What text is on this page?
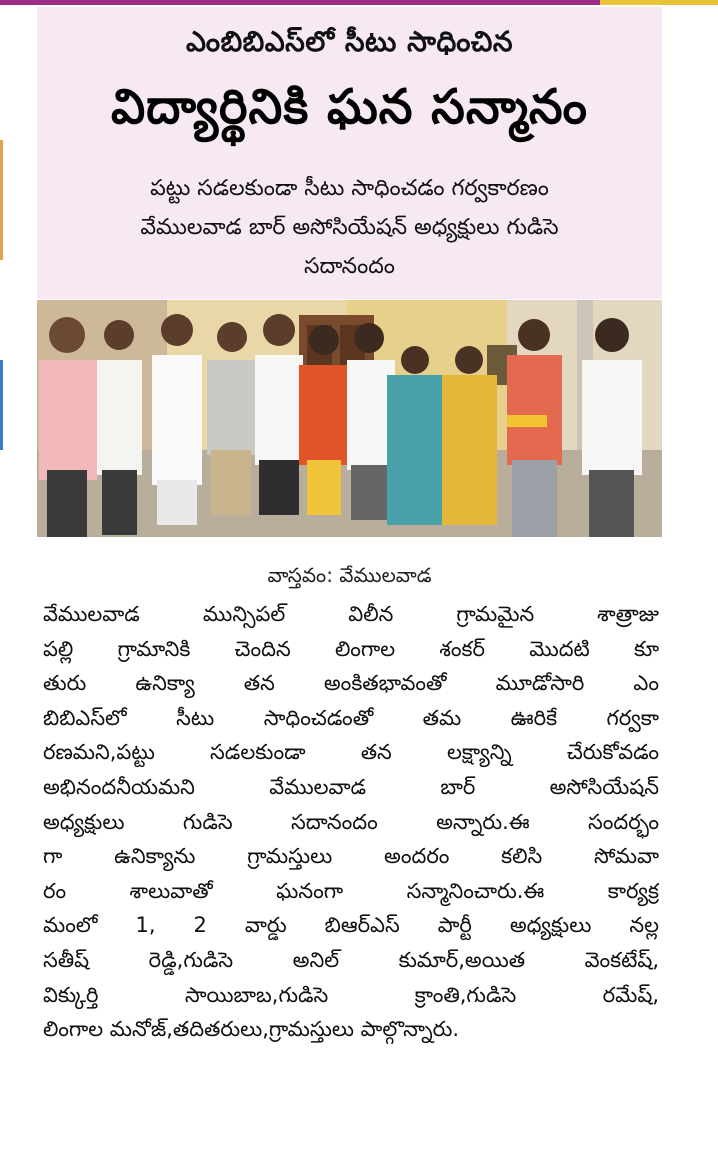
ఎంబిబిఎస్‌లో సీటు సాధించిన
విద్యార్థినికి ఘన సన్మానం
పట్టు సడలకుండా సీటు సాధించడం గర్వకారణం
వేములవాడ బార్ అసోసియేషన్ అధ్యక్షులు గుడిసె
సదానందం
వాస్తవం: వేములవాడ
వేములవాడ మున్సిపల్ విలీన గ్రామమైన శాత్రాజు
పల్లి గ్రామానికి చెందిన లింగాల శంకర్ మొదటి కూ
తురు ఉనిక్యా తన అంకితభావంతో మూడోసారి ఎం
బిబిఎస్‌లో సీటు సాధించడంతో తమ ఊరికే గర్వకా
రణమని,పట్టు సడలకుండా తన లక్ష్యాన్ని చేరుకోవడం
అభినందనీయమని వేములవాడ బార్ అసోసియేషన్
అధ్యక్షులు గుడిసె సదానందం అన్నారు.ఈ సందర్భం
గా ఉనిక్యాను గ్రామస్తులు అందరం కలిసి సోమవా
రం శాలువాతో ఘనంగా సన్మానించారు.ఈ కార్యక్ర
మంలో 1, 2 వార్డు బిఆర్ఎస్ పార్టీ అధ్యక్షులు నల్ల
సతీష్ రెడ్డి,గుడిసె అనిల్ కుమార్,అయిత వెంకటేష్,
విక్కుర్తి సాయిబాబ,గుడిసె క్రాంతి,గుడిసె రమేష్,
లింగాల మనోజ్,తదితరులు,గ్రామస్తులు పాల్గొన్నారు.
